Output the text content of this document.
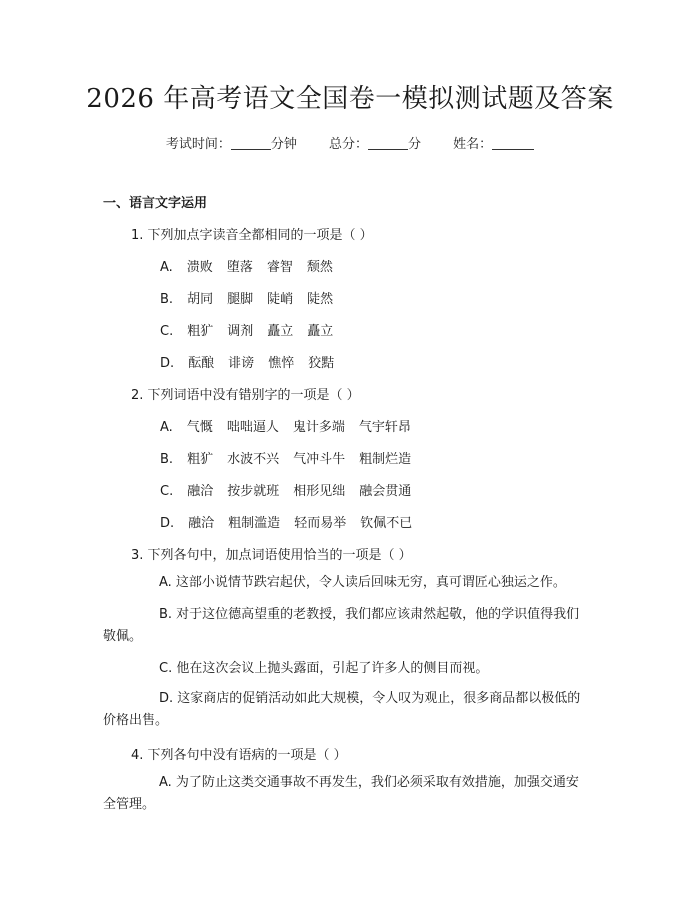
2026 年高考语文全国卷一模拟测试题及答案
考试时间：	分钟 总分：	分 姓名：
一、语言文字运用
1. 下列加点字读音全都相同的一项是（ ）
A. 溃败 堕落 睿智 颓然
B. 胡同 腿脚 陡峭 陡然
C. 粗犷 调剂 矗立 矗立
D. 酝酿 诽谤 憔悴 狡黠
2. 下列词语中没有错别字的一项是（ ）
A. 气慨 咄咄逼人 鬼计多端 气宇轩昂
B. 粗犷 水波不兴 气冲斗牛 粗制烂造
C. 融洽 按步就班 相形见绌 融会贯通
D. 融洽 粗制滥造 轻而易举 钦佩不已
3. 下列各句中，加点词语使用恰当的一项是（ ）
A. 这部小说情节跌宕起伏，令人读后回味无穷，真可谓匠心独运之作。
B. 对于这位德高望重的老教授，我们都应该肃然起敬，他的学识值得我们敬佩。
C. 他在这次会议上抛头露面，引起了许多人的侧目而视。
D. 这家商店的促销活动如此大规模，令人叹为观止，很多商品都以极低的价格出售。
4. 下列各句中没有语病的一项是（ ）
A. 为了防止这类交通事故不再发生，我们必须采取有效措施，加强交通安全管理。
